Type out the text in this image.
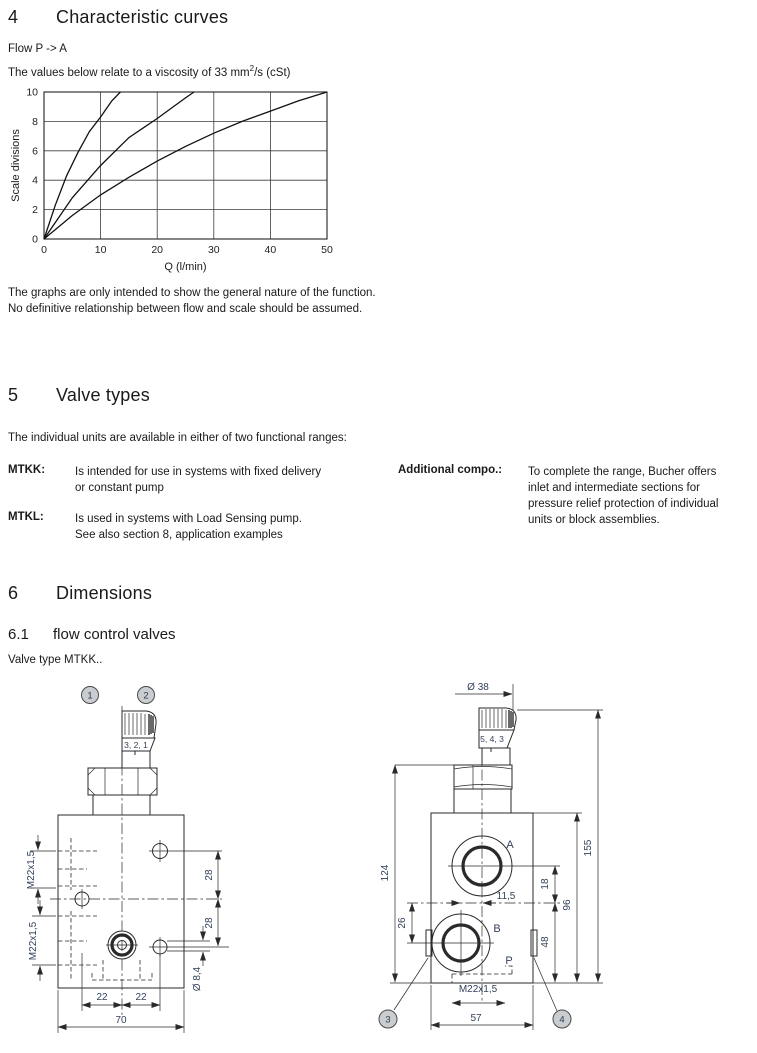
4 Characteristic curves
Flow P -> A
The values below relate to a viscosity of 33 $mm^2/s$ (cSt)
0	10	20	30	40	50
0
2
4
6
8
10
Q (l/min)
Scale divisions
The graphs are only intended to show the general nature of the function.
No definitive relationship between flow and scale should be assumed.
5 Valve types
The individual units are available in either of two functional ranges:
MTKK:	Is intended for use in systems with fixed delivery
or constant pump
MTKL:	Is used in systems with Load Sensing pump.
See also section 8, application examples
Additional compo.: To complete the range, Bucher offers
inlet and intermediate sections for
pressure relief protection of individual
units or block assemblies.
6 Dimensions
6.1 flow control valves
Valve type MTKK..
1	2
3, 2, 1
M22x1,5
M22x1,5
28
28
Ø 8,4
22	22
70
Ø 38
5, 4, 3
A
11,5
B
26
124
3	4
P
M22x1,5
57
18
48
96
155
